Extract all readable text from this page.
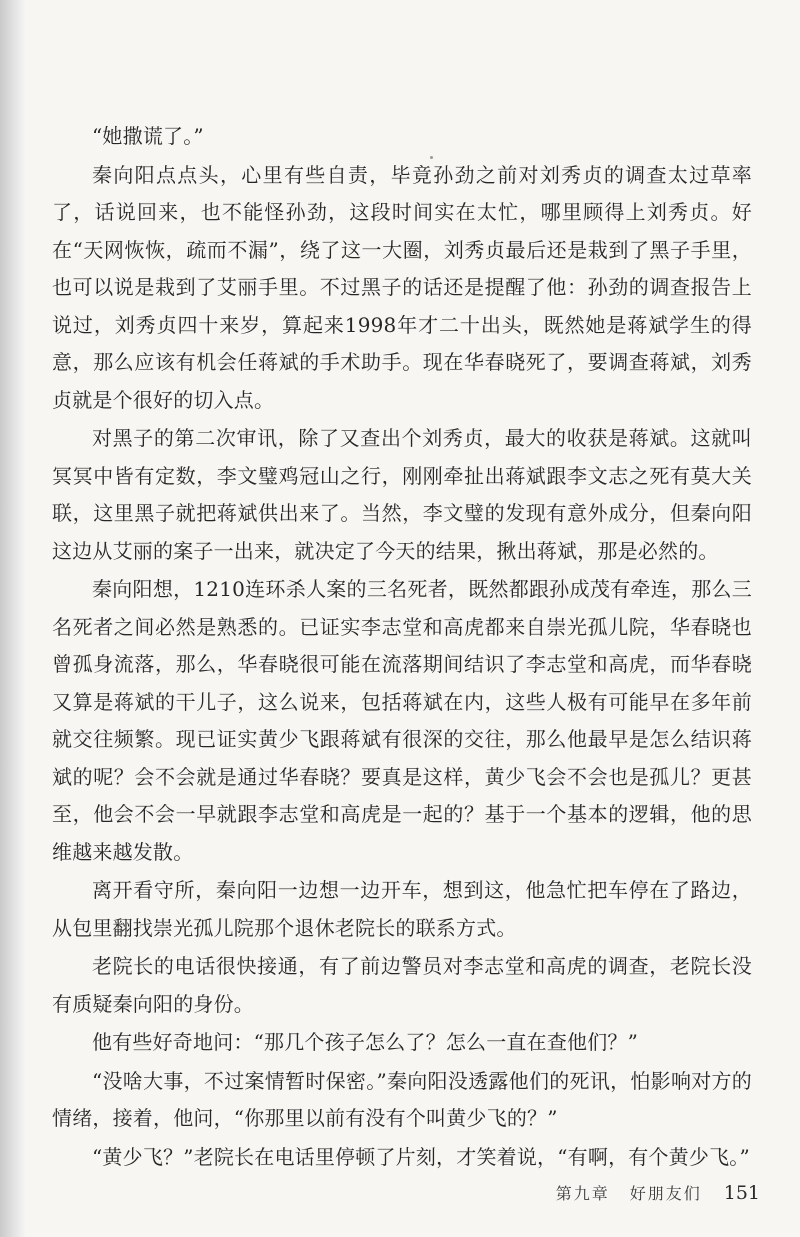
“她撒谎了。”

秦向阳点点头，心里有些自责，毕竟孙劲之前对刘秀贞的调查太过草率了，话说回来，也不能怪孙劲，这段时间实在太忙，哪里顾得上刘秀贞。好在“天网恢恢，疏而不漏”，绕了这一大圈，刘秀贞最后还是栽到了黑子手里，也可以说是栽到了艾丽手里。不过黑子的话还是提醒了他：孙劲的调查报告上说过，刘秀贞四十来岁，算起来1998年才二十出头，既然她是蒋斌学生的得意，那么应该有机会任蒋斌的手术助手。现在华春晓死了，要调查蒋斌，刘秀贞就是个很好的切入点。

对黑子的第二次审讯，除了又查出个刘秀贞，最大的收获是蒋斌。这就叫冥冥中皆有定数，李文璧鸡冠山之行，刚刚牵扯出蒋斌跟李文志之死有莫大关联，这里黑子就把蒋斌供出来了。当然，李文璧的发现有意外成分，但秦向阳这边从艾丽的案子一出来，就决定了今天的结果，揪出蒋斌，那是必然的。

秦向阳想，1210连环杀人案的三名死者，既然都跟孙成茂有牵连，那么三名死者之间必然是熟悉的。已证实李志堂和高虎都来自崇光孤儿院，华春晓也曾孤身流落，那么，华春晓很可能在流落期间结识了李志堂和高虎，而华春晓又算是蒋斌的干儿子，这么说来，包括蒋斌在内，这些人极有可能早在多年前就交往频繁。现已证实黄少飞跟蒋斌有很深的交往，那么他最早是怎么结识蒋斌的呢？会不会就是通过华春晓？要真是这样，黄少飞会不会也是孤儿？更甚至，他会不会一早就跟李志堂和高虎是一起的？基于一个基本的逻辑，他的思维越来越发散。

离开看守所，秦向阳一边想一边开车，想到这，他急忙把车停在了路边，从包里翻找崇光孤儿院那个退休老院长的联系方式。

老院长的电话很快接通，有了前边警员对李志堂和高虎的调查，老院长没有质疑秦向阳的身份。

他有些好奇地问：“那几个孩子怎么了？怎么一直在查他们？”

“没啥大事，不过案情暂时保密。”秦向阳没透露他们的死讯，怕影响对方的情绪，接着，他问，“你那里以前有没有个叫黄少飞的？”

“黄少飞？”老院长在电话里停顿了片刻，才笑着说，“有啊，有个黄少飞。”

第九章 好朋友们 151
